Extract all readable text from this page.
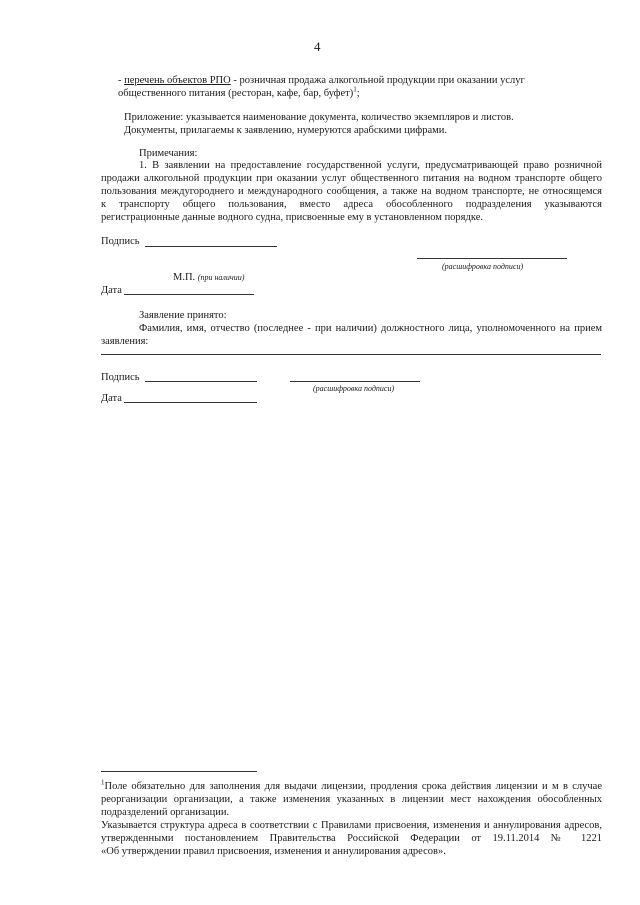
4
- перечень объектов РПО - розничная продажа алкогольной продукции при оказании услуг
общественного питания (ресторан, кафе, бар, буфет)$^1$;
Приложение: указывается наименование документа, количество экземпляров и листов.
Документы, прилагаемы к заявлению, нумеруются арабскими цифрами.
Примечания:
1. В заявлении на предоставление государственной услуги, предусматривающей право розничной
продажи алкогольной продукции при оказании услуг общественного питания на водном транспорте общего
пользования междугороднего и международного сообщения, а также на водном транспорте, не относящемся
к транспорту общего пользования, вместо адреса обособленного подразделения указываются
регистрационные данные водного судна, присвоенные ему в установленном порядке.
Подпись
(расшифровка подписи)
М.П. (при наличии)
Дата
Заявление принято:
Фамилия, имя, отчество (последнее - при наличии) должностного лица, уполномоченного на прием
заявления:
Подпись
(расшифровка подписи)
Дата
$^1$Поле обязательно для заполнения для выдачи лицензии, продления срока действия лицензии и м в случае
реорганизации организации, а также изменения указанных в лицензии мест нахождения обособленных
подразделений организации.
Указывается структура адреса в соответствии с Правилами присвоения, изменения и аннулирования адресов,
утвержденными постановлением Правительства Российской Федерации от 19.11.2014 № 1221
«Об утверждении правил присвоения, изменения и аннулирования адресов».
